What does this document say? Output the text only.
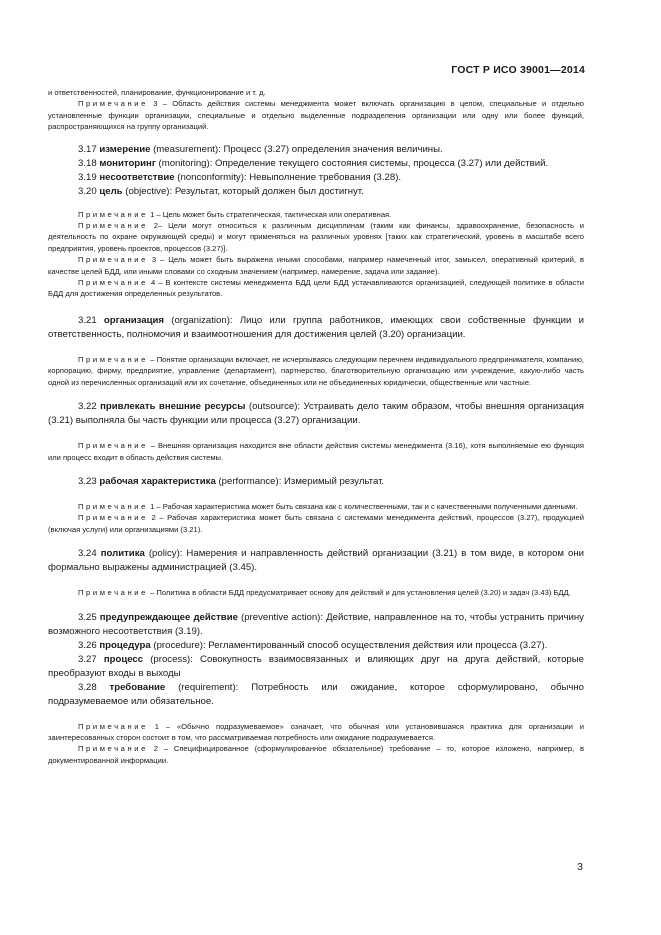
ГОСТ Р ИСО 39001—2014

и ответственностей, планирование, функционирование и т. д.

Примечание 3 – Область действия системы менеджмента может включать организацию в целом, специальные и отдельно установленные функции организации, специальные и отдельно выделенные подразделения организации или одну или более функций, распространяющихся на группу организаций.

3.17 измерение (measurement): Процесс (3.27) определения значения величины.

3.18 мониторинг (monitoring): Определение текущего состояния системы, процесса (3.27) или действий.

3.19 несоответствие (nonconformity): Невыполнение требования (3.28).

3.20 цель (objective): Результат, который должен был достигнут.

Примечание 1 – Цель может быть стратегическая, тактическая или оперативная.

Примечание 2– Цели могут относиться к различным дисциплинам (таким как финансы, здравоохранение, безопасность и деятельность по охране окружающей среды) и могут применяться на различных уровнях [таких как стратегический, уровень в масштабе всего предприятия, уровень проектов, процессов (3.27)].

Примечание 3 – Цель может быть выражена иными способами, например намеченный итог, замысел, оперативный критерий, в качестве целей БДД, или иными словами со сходным значением (например, намерение, задача или задание).

Примечание 4 – В контексте системы менеджмента БДД цели БДД устанавливаются организацией, следующей политике в области БДД для достижения определенных результатов.

3.21 организация (organization): Лицо или группа работников, имеющих свои собственные функции и ответственность, полномочия и взаимоотношения для достижения целей (3.20) организации.

Примечание – Понятие организации включает, не исчерпываясь следующим перечнем индивидуального предпринимателя, компанию, корпорацию, фирму, предприятие, управление (департамент), партнерство, благотворительную организацию или учреждение, какую-либо часть одной из перечисленных организаций или их сочетание, объединенных или не объединенных юридически, общественные или частные.

3.22 привлекать внешние ресурсы (outsource): Устраивать дело таким образом, чтобы внешняя организация (3.21) выполняла бы часть функции или процесса (3.27) организации.

Примечание – Внешняя организация находится вне области действия системы менеджмента (3.16), хотя выполняемые ею функция или процесс входит в область действия системы.

3.23 рабочая характеристика (performance): Измеримый результат.

Примечание 1 – Рабочая характеристика может быть связана как с количественными, так и с качественными полученными данными.

Примечание 2 – Рабочая характеристика может быть связана с системами менеджмента действий, процессов (3.27), продукцией (включая услуги) или организациями (3.21).

3.24 политика (policy): Намерения и направленность действий организации (3.21) в том виде, в котором они формально выражены администрацией (3.45).

Примечание – Политика в области БДД предусматривает основу для действий и для установления целей (3.20) и задач (3.43) БДД.

3.25 предупреждающее действие (preventive action): Действие, направленное на то, чтобы устранить причину возможного несоответствия (3.19).

3.26 процедура (procedure): Регламентированный способ осуществления действия или процесса (3.27).

3.27 процесс (process): Совокупность взаимосвязанных и влияющих друг на друга действий, которые преобразуют входы в выходы

3.28 требование (requirement): Потребность или ожидание, которое сформулировано, обычно подразумеваемое или обязательное.

Примечание 1 – «Обычно подразумеваемое» означает, что обычная или установившаяся практика для организации и заинтересованных сторон состоит в том, что рассматриваемая потребность или ожидание подразумевается.

Примечание 2 – Специфицированное (сформулированное обязательное) требование – то, которое изложено, например, в документированной информации.

3
